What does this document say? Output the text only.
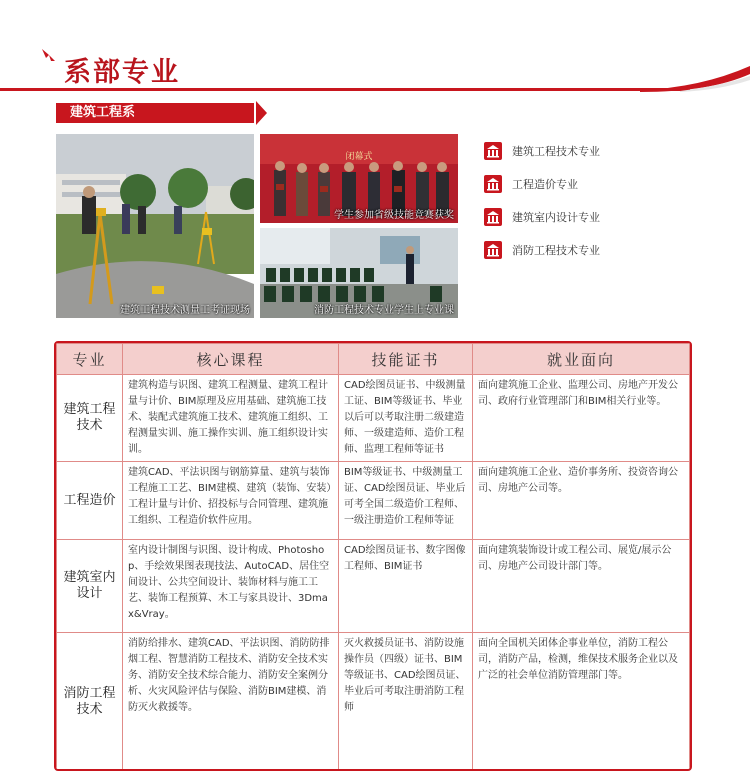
系部专业
建筑工程系
建筑工程技术测量工考证现场
闭幕式
学生参加省级技能竞赛获奖
消防工程技术专业学生上专业课
建筑工程技术专业
工程造价专业
建筑室内设计专业
消防工程技术专业
专业	核心课程	技能证书	就业面向
建筑工程技术	建筑构造与识图、建筑工程测量、建筑工程计量与计价、BIM原理及应用基础、建筑施工技术、装配式建筑施工技术、建筑施工组织、工程测量实训、施工操作实训、施工组织设计实训。	CAD绘图员证书、中级测量工证、BIM等级证书、毕业以后可以考取注册二级建造师、一级建造师、造价工程师、监理工程师等证书	面向建筑施工企业、监理公司、房地产开发公司、政府行业管理部门和BIM相关行业等。
工程造价	建筑CAD、平法识图与钢筋算量、建筑与装饰工程施工工艺、BIM建模、建筑（装饰、安装）工程计量与计价、招投标与合同管理、建筑施工组织、工程造价软件应用。	BIM等级证书、中级测量工证、CAD绘图员证、毕业后可考全国二级造价工程师、一级注册造价工程师等证	面向建筑施工企业、造价事务所、投资咨询公司、房地产公司等。
建筑室内设计	室内设计制图与识图、设计构成、Photoshop、手绘效果图表现技法、AutoCAD、居住空间设计、公共空间设计、装饰材料与施工工艺、装饰工程预算、木工与家具设计、3Dmax&Vray。	CAD绘图员证书、数字图像工程师、BIM证书	面向建筑装饰设计或工程公司、展览/展示公司、房地产公司设计部门等。
消防工程技术	消防给排水、建筑CAD、平法识图、消防防排烟工程、智慧消防工程技术、消防安全技术实务、消防安全技术综合能力、消防安全案例分析、火灾风险评估与保险、消防BIM建模、消防灭火救援等。	灭火救援员证书、消防设施操作员（四级）证书、BIM等级证书、CAD绘图员证、毕业后可考取注册消防工程师	面向全国机关团体企事业单位，消防工程公司，消防产品，检测，维保技术服务企业以及广泛的社会单位消防管理部门等。
